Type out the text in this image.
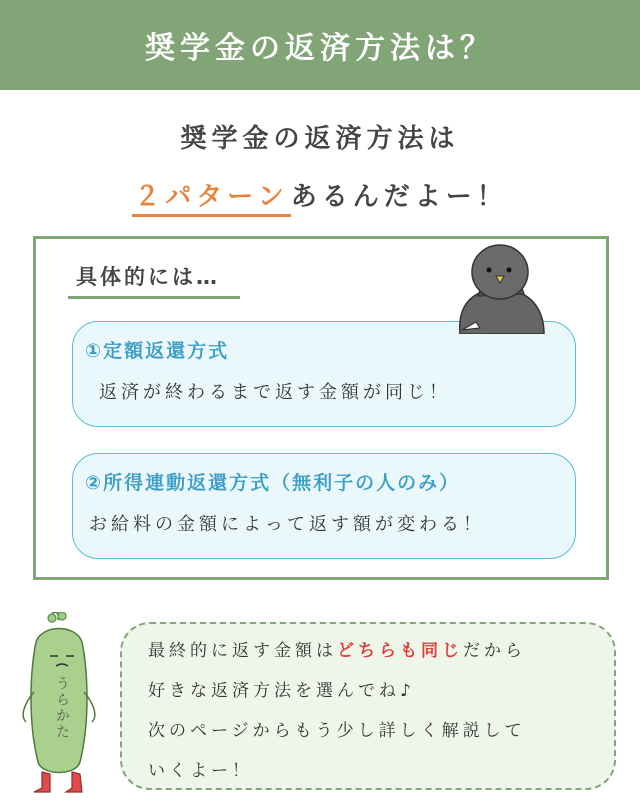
奨学金の返済方法は？
奨学金の返済方法は
２パターンあるんだよー！
具体的には…
①定額返還方式
返済が終わるまで返す金額が同じ！
②所得連動返還方式（無利子の人のみ）
お給料の金額によって返す額が変わる！
うらかた
最終的に返す金額はどちらも同じだから
好きな返済方法を選んでね♪
次のページからもう少し詳しく解説して
いくよー！
